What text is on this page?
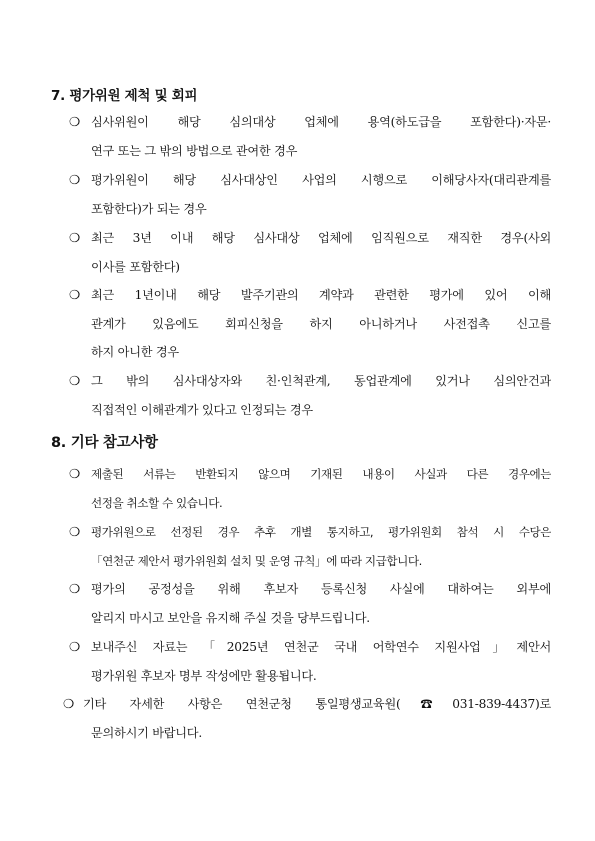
7. 평가위원 제척 및 회피
❍ 심사위원이 해당 심의대상 업체에 용역(하도급을 포함한다)·자문·
연구 또는 그 밖의 방법으로 관여한 경우
❍ 평가위원이 해당 심사대상인 사업의 시행으로 이해당사자(대리관계를
포함한다)가 되는 경우
❍ 최근 3년 이내 해당 심사대상 업체에 임직원으로 재직한 경우(사외
이사를 포함한다)
❍ 최근 1년이내 해당 발주기관의 계약과 관련한 평가에 있어 이해
관계가 있음에도 회피신청을 하지 아니하거나 사전접촉 신고를
하지 아니한 경우
❍ 그 밖의 심사대상자와 친·인척관계, 동업관계에 있거나 심의안건과
직접적인 이해관계가 있다고 인정되는 경우
8. 기타 참고사항
❍ 제출된 서류는 반환되지 않으며 기재된 내용이 사실과 다른 경우에는
선정을 취소할 수 있습니다.
❍ 평가위원으로 선정된 경우 추후 개별 통지하고, 평가위원회 참석 시 수당은
「연천군 제안서 평가위원회 설치 및 운영 규칙」에 따라 지급합니다.
❍ 평가의 공정성을 위해 후보자 등록신청 사실에 대하여는 외부에
알리지 마시고 보안을 유지해 주실 것을 당부드립니다.
❍ 보내주신 자료는 「2025년 연천군 국내 어학연수 지원사업」제안서
평가위원 후보자 명부 작성에만 활용됩니다.
❍ 기타 자세한 사항은 연천군청 통일평생교육원(☎031-839-4437)로
문의하시기 바랍니다.
